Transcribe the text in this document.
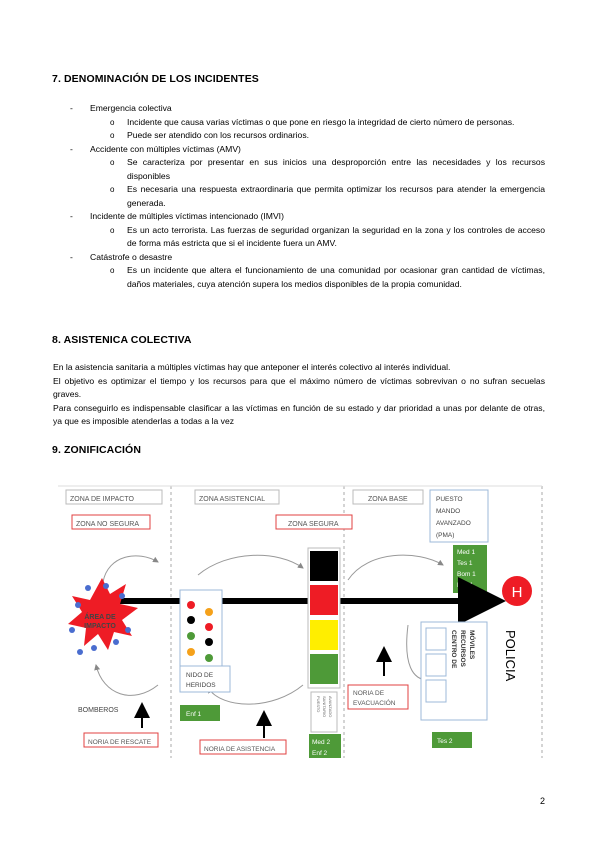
7. DENOMINACIÓN DE LOS INCIDENTES
- Emergencia colectiva
o Incidente que causa varias víctimas o que pone en riesgo la integridad de cierto número de personas.
o Puede ser atendido con los recursos ordinarios.
- Accidente con múltiples víctimas (AMV)
o Se caracteriza por presentar en sus inicios una desproporción entre las necesidades y los recursos disponibles
o Es necesaria una respuesta extraordinaria que permita optimizar los recursos para atender la emergencia generada.
- Incidente de múltiples víctimas intencionado (IMVI)
o Es un acto terrorista. Las fuerzas de seguridad organizan la seguridad en la zona y los controles de acceso de forma más estricta que si el incidente fuera un AMV.
- Catástrofe o desastre
o Es un incidente que altera el funcionamiento de una comunidad por ocasionar gran cantidad de víctimas, daños materiales, cuya atención supera los medios disponibles de la propia comunidad.
8. ASISTENICA COLECTIVA

En la asistencia sanitaria a múltiples víctimas hay que anteponer el interés colectivo al interés individual.

El objetivo es optimizar el tiempo y los recursos para que el máximo número de víctimas sobrevivan o no sufran secuelas graves.

Para conseguirlo es indispensable clasificar a las víctimas en función de su estado y dar prioridad a unas por delante de otras, ya que es imposible atenderlas a todas a la vez

9. ZONIFICACIÓN
ZONA DE IMPACTO
ZONA NO SEGURA
ZONA ASISTENCIAL
ZONA SEGURA
ZONA BASE	PUESTO
MANDO
AVANZADO
(PMA)
Med 1
Tes 1
Bom 1
Poli 1	H
POLICIA
ÁREA DE
IMPACTO
NIDO DE
HERIDOS
Enf 1
PUESTO SANITARIO AVANZADO
Med 2
Enf 2
CENTRO DE RECURSOS MÓVILES
Tes 2
BOMBEROS
NORIA DE RESCATE
NORIA DE ASISTENCIA
NORIA DE
EVACUACIÓN
2
